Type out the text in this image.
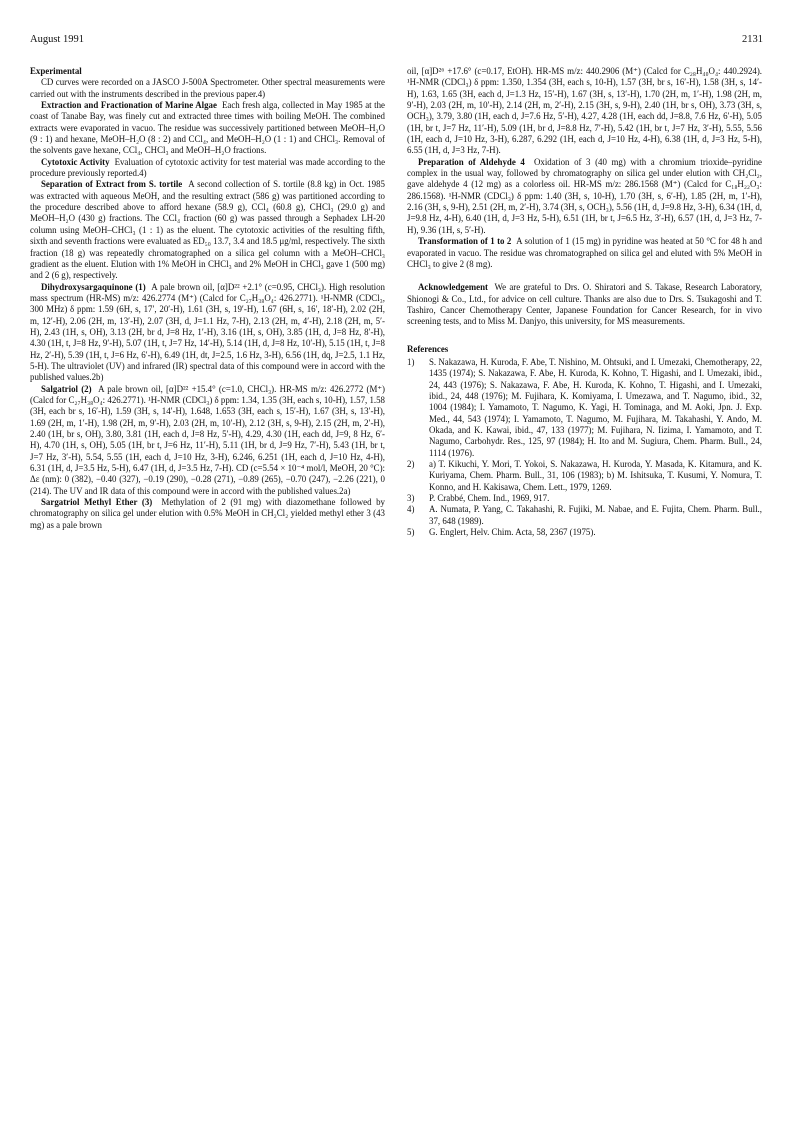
August 1991	2131

Experimental

CD curves were recorded on a JASCO J-500A Spectrometer. Other spectral measurements were carried out with the instruments described in the previous paper.4)

Extraction and Fractionation of Marine Algae Each fresh alga, collected in May 1985 at the coast of Tanabe Bay, was finely cut and extracted three times with boiling MeOH. The combined extracts were evaporated in vacuo. The residue was successively partitioned between MeOH–H₂O (9 : 1) and hexane, MeOH–H₂O (8 : 2) and CCl₄, and MeOH–H₂O (1 : 1) and CHCl₃. Removal of the solvents gave hexane, CCl₄, CHCl₃ and MeOH–H₂O fractions.

Cytotoxic Activity Evaluation of cytotoxic activity for test material was made according to the procedure previously reported.4)

Separation of Extract from S. tortile A second collection of S. tortile (8.8 kg) in Oct. 1985 was extracted with aqueous MeOH, and the resulting extract (586 g) was partitioned according to the procedure described above to afford hexane (58.9 g), CCl₄ (60.8 g), CHCl₃ (29.0 g) and MeOH–H₂O (430 g) fractions. The CCl₄ fraction (60 g) was passed through a Sephadex LH-20 column using MeOH–CHCl₃ (1 : 1) as the eluent. The cytotoxic activities of the resulting fifth, sixth and seventh fractions were evaluated as ED₅₀ 13.7, 3.4 and 18.5 μg/ml, respectively. The sixth fraction (18 g) was repeatedly chromatographed on a silica gel column with a MeOH–CHCl₃ gradient as the eluent. Elution with 1% MeOH in CHCl₃ and 2% MeOH in CHCl₃ gave 1 (500 mg) and 2 (6 g), respectively.

Dihydroxysargaquinone (1) A pale brown oil, [α]D²² +2.1° (c=0.95, CHCl₃). High resolution mass spectrum (HR-MS) m/z: 426.2774 (M⁺) (Calcd for C₂₇H₃₈O₄: 426.2771). ¹H-NMR (CDCl₃, 300 MHz) δ ppm: 1.59 (6H, s, 17′, 20′-H), 1.61 (3H, s, 19′-H), 1.67 (6H, s, 16′, 18′-H), 2.02 (2H, m, 12′-H), 2.06 (2H, m, 13′-H), 2.07 (3H, d, J=1.1 Hz, 7-H), 2.13 (2H, m, 4′-H), 2.18 (2H, m, 5′-H), 2.43 (1H, s, OH), 3.13 (2H, br d, J=8 Hz, 1′-H), 3.16 (1H, s, OH), 3.85 (1H, d, J=8 Hz, 8′-H), 4.30 (1H, t, J=8 Hz, 9′-H), 5.07 (1H, t, J=7 Hz, 14′-H), 5.14 (1H, d, J=8 Hz, 10′-H), 5.15 (1H, t, J=8 Hz, 2′-H), 5.39 (1H, t, J=6 Hz, 6′-H), 6.49 (1H, dt, J=2.5, 1.6 Hz, 3-H), 6.56 (1H, dq, J=2.5, 1.1 Hz, 5-H). The ultraviolet (UV) and infrared (IR) spectral data of this compound were in accord with the published values.2b)

Salgatriol (2) A pale brown oil, [α]D²² +15.4° (c=1.0, CHCl₃). HR-MS m/z: 426.2772 (M⁺) (Calcd for C₂₇H₃₈O₄: 426.2771). ¹H-NMR (CDCl₃) δ ppm: 1.34, 1.35 (3H, each s, 10-H), 1.57, 1.58 (3H, each br s, 16′-H), 1.59 (3H, s, 14′-H), 1.648, 1.653 (3H, each s, 15′-H), 1.67 (3H, s, 13′-H), 1.69 (2H, m, 1′-H), 1.98 (2H, m, 9′-H), 2.03 (2H, m, 10′-H), 2.12 (3H, s, 9-H), 2.15 (2H, m, 2′-H), 2.40 (1H, br s, OH), 3.80, 3.81 (1H, each d, J=8 Hz, 5′-H), 4.29, 4.30 (1H, each dd, J=9, 8 Hz, 6′-H), 4.70 (1H, s, OH), 5.05 (1H, br t, J=6 Hz, 11′-H), 5.11 (1H, br d, J=9 Hz, 7′-H), 5.43 (1H, br t, J=7 Hz, 3′-H), 5.54, 5.55 (1H, each d, J=10 Hz, 3-H), 6.246, 6.251 (1H, each d, J=10 Hz, 4-H), 6.31 (1H, d, J=3.5 Hz, 5-H), 6.47 (1H, d, J=3.5 Hz, 7-H). CD (c=5.54 × 10⁻⁴ mol/l, MeOH, 20 °C): Δε (nm): 0 (382), −0.40 (327), −0.19 (290), −0.28 (271), −0.89 (265), −0.70 (247), −2.26 (221), 0 (214). The UV and IR data of this compound were in accord with the published values.2a)

Sargatriol Methyl Ether (3) Methylation of 2 (91 mg) with diazomethane followed by chromatography on silica gel under elution with 0.5% MeOH in CH₂Cl₂ yielded methyl ether 3 (43 mg) as a pale brown

oil, [α]D²⁶ +17.6° (c=0.17, EtOH). HR-MS m/z: 440.2906 (M⁺) (Calcd for C₂₈H₄₀O₄: 440.2924). ¹H-NMR (CDCl₃) δ ppm: 1.350, 1.354 (3H, each s, 10-H), 1.57 (3H, br s, 16′-H), 1.58 (3H, s, 14′-H), 1.63, 1.65 (3H, each d, J=1.3 Hz, 15′-H), 1.67 (3H, s, 13′-H), 1.70 (2H, m, 1′-H), 1.98 (2H, m, 9′-H), 2.03 (2H, m, 10′-H), 2.14 (2H, m, 2′-H), 2.15 (3H, s, 9-H), 2.40 (1H, br s, OH), 3.73 (3H, s, OCH₃), 3.79, 3.80 (1H, each d, J=7.6 Hz, 5′-H), 4.27, 4.28 (1H, each dd, J=8.8, 7.6 Hz, 6′-H), 5.05 (1H, br t, J=7 Hz, 11′-H), 5.09 (1H, br d, J=8.8 Hz, 7′-H), 5.42 (1H, br t, J=7 Hz, 3′-H), 5.55, 5.56 (1H, each d, J=10 Hz, 3-H), 6.287, 6.292 (1H, each d, J=10 Hz, 4-H), 6.38 (1H, d, J=3 Hz, 5-H), 6.55 (1H, d, J=3 Hz, 7-H).

Preparation of Aldehyde 4 Oxidation of 3 (40 mg) with a chromium trioxide–pyridine complex in the usual way, followed by chromatography on silica gel under elution with CH₂Cl₂, gave aldehyde 4 (12 mg) as a colorless oil. HR-MS m/z: 286.1568 (M⁺) (Calcd for C₁₈H₂₂O₃: 286.1568). ¹H-NMR (CDCl₃) δ ppm: 1.40 (3H, s, 10-H), 1.70 (3H, s, 6′-H), 1.85 (2H, m, 1′-H), 2.16 (3H, s, 9-H), 2.51 (2H, m, 2′-H), 3.74 (3H, s, OCH₃), 5.56 (1H, d, J=9.8 Hz, 3-H), 6.34 (1H, d, J=9.8 Hz, 4-H), 6.40 (1H, d, J=3 Hz, 5-H), 6.51 (1H, br t, J=6.5 Hz, 3′-H), 6.57 (1H, d, J=3 Hz, 7-H), 9.36 (1H, s, 5′-H).

Transformation of 1 to 2 A solution of 1 (15 mg) in pyridine was heated at 50 °C for 48 h and evaporated in vacuo. The residue was chromatographed on silica gel and eluted with 5% MeOH in CHCl₃ to give 2 (8 mg).

Acknowledgement We are grateful to Drs. O. Shiratori and S. Takase, Research Laboratory, Shionogi & Co., Ltd., for advice on cell culture. Thanks are also due to Drs. S. Tsukagoshi and T. Tashiro, Cancer Chemotherapy Center, Japanese Foundation for Cancer Research, for in vivo screening tests, and to Miss M. Danjyo, this university, for MS measurements.

References

1)	S. Nakazawa, H. Kuroda, F. Abe, T. Nishino, M. Ohtsuki, and I. Umezaki, Chemotherapy, 22, 1435 (1974); S. Nakazawa, F. Abe, H. Kuroda, K. Kohno, T. Higashi, and I. Umezaki, ibid., 24, 443 (1976); S. Nakazawa, F. Abe, H. Kuroda, K. Kohno, T. Higashi, and I. Umezaki, ibid., 24, 448 (1976); M. Fujihara, K. Komiyama, I. Umezawa, and T. Nagumo, ibid., 32, 1004 (1984); I. Yamamoto, T. Nagumo, K. Yagi, H. Tominaga, and M. Aoki, Jpn. J. Exp. Med., 44, 543 (1974); I. Yamamoto, T. Nagumo, M. Fujihara, M. Takahashi, Y. Ando, M. Okada, and K. Kawai, ibid., 47, 133 (1977); M. Fujihara, N. Iizima, I. Yamamoto, and T. Nagumo, Carbohydr. Res., 125, 97 (1984); H. Ito and M. Sugiura, Chem. Pharm. Bull., 24, 1114 (1976).
2)	a) T. Kikuchi, Y. Mori, T. Yokoi, S. Nakazawa, H. Kuroda, Y. Masada, K. Kitamura, and K. Kuriyama, Chem. Pharm. Bull., 31, 106 (1983); b) M. Ishitsuka, T. Kusumi, Y. Nomura, T. Konno, and H. Kakisawa, Chem. Lett., 1979, 1269.
3)	P. Crabbé, Chem. Ind., 1969, 917.
4)	A. Numata, P. Yang, C. Takahashi, R. Fujiki, M. Nabae, and E. Fujita, Chem. Pharm. Bull., 37, 648 (1989).
5)	G. Englert, Helv. Chim. Acta, 58, 2367 (1975).
